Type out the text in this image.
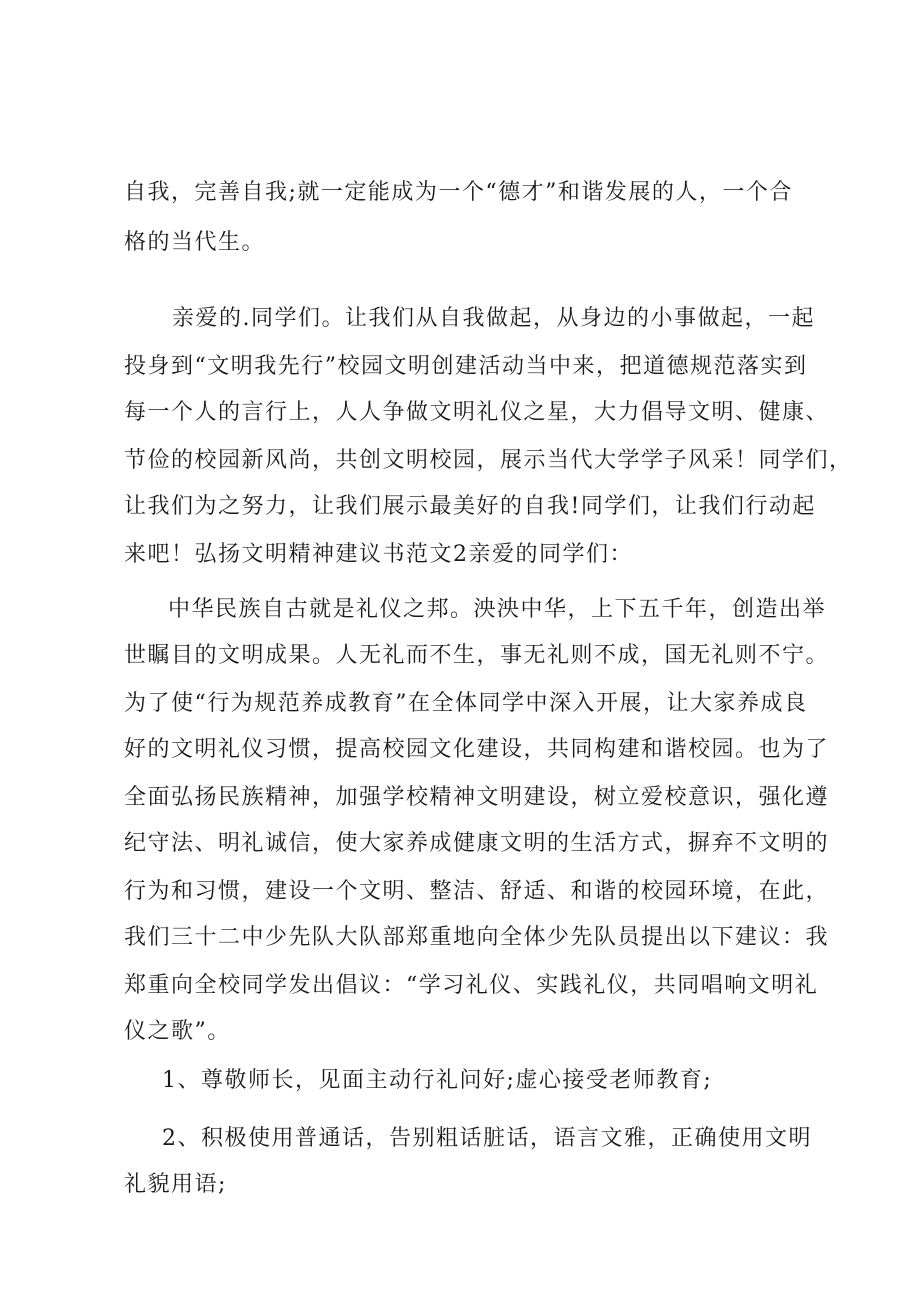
自我，完善自我;就一定能成为一个“德才”和谐发展的人，一个合
格的当代生。
亲爱的.同学们。让我们从自我做起，从身边的小事做起，一起
投身到“文明我先行”校园文明创建活动当中来，把道德规范落实到
每一个人的言行上，人人争做文明礼仪之星，大力倡导文明、健康、
节俭的校园新风尚，共创文明校园，展示当代大学学子风采！同学们，
让我们为之努力，让我们展示最美好的自我!同学们，让我们行动起
来吧！弘扬文明精神建议书范文2亲爱的同学们：
中华民族自古就是礼仪之邦。泱泱中华，上下五千年，创造出举
世瞩目的文明成果。人无礼而不生，事无礼则不成，国无礼则不宁。
为了使“行为规范养成教育”在全体同学中深入开展，让大家养成良
好的文明礼仪习惯，提高校园文化建设，共同构建和谐校园。也为了
全面弘扬民族精神，加强学校精神文明建设，树立爱校意识，强化遵
纪守法、明礼诚信，使大家养成健康文明的生活方式，摒弃不文明的
行为和习惯，建设一个文明、整洁、舒适、和谐的校园环境，在此，
我们三十二中少先队大队部郑重地向全体少先队员提出以下建议：我
郑重向全校同学发出倡议：“学习礼仪、实践礼仪，共同唱响文明礼
仪之歌”。
1、尊敬师长，见面主动行礼问好;虚心接受老师教育;
2、积极使用普通话，告别粗话脏话，语言文雅，正确使用文明
礼貌用语;
